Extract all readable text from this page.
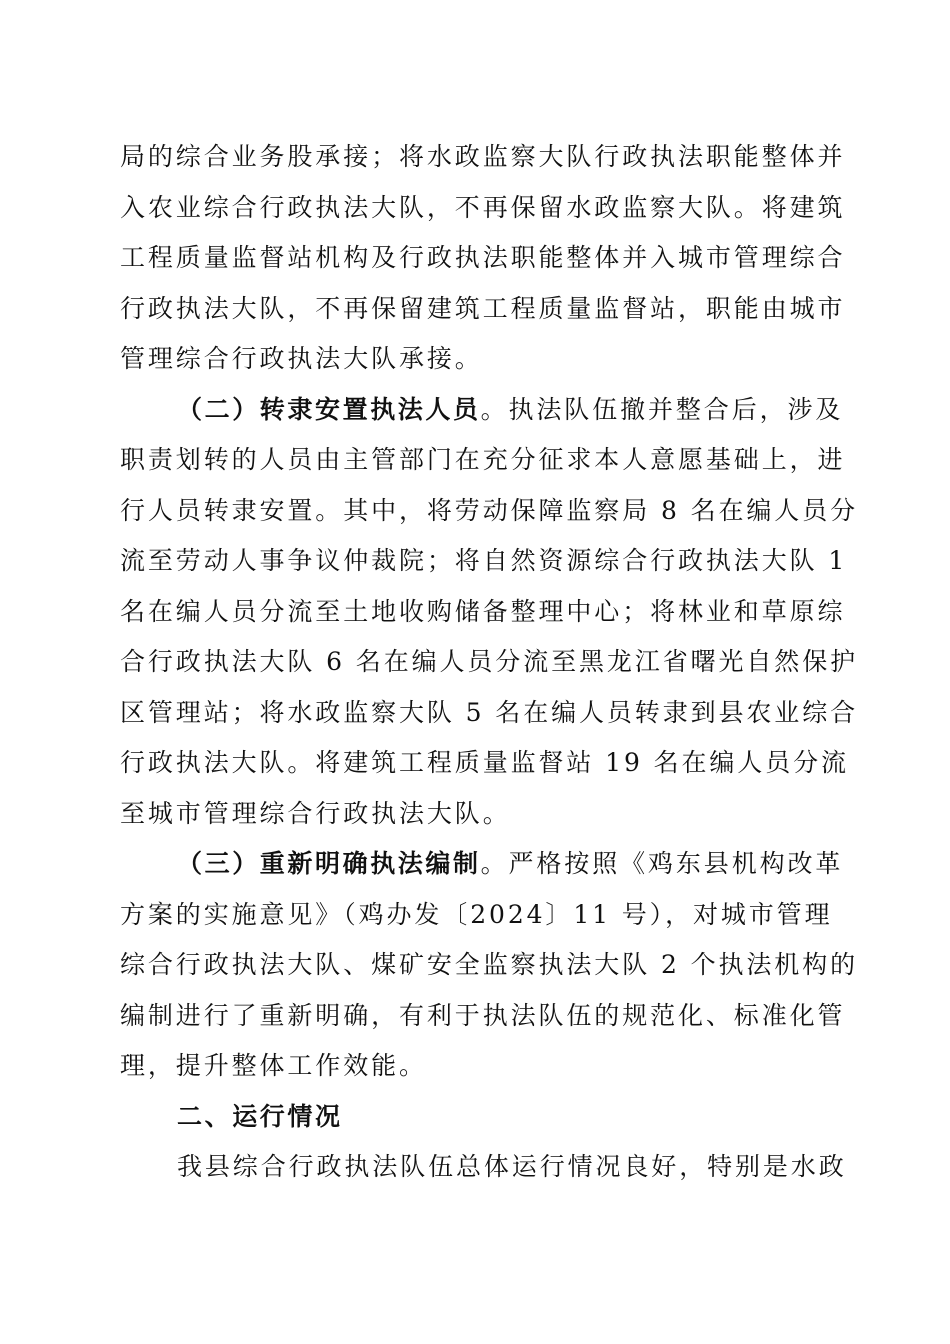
局的综合业务股承接；将水政监察大队行政执法职能整体并
入农业综合行政执法大队，不再保留水政监察大队。将建筑
工程质量监督站机构及行政执法职能整体并入城市管理综合
行政执法大队，不再保留建筑工程质量监督站，职能由城市
管理综合行政执法大队承接。
（二）转隶安置执法人员。执法队伍撤并整合后，涉及
职责划转的人员由主管部门在充分征求本人意愿基础上，进
行人员转隶安置。其中，将劳动保障监察局 8 名在编人员分
流至劳动人事争议仲裁院；将自然资源综合行政执法大队 1
名在编人员分流至土地收购储备整理中心；将林业和草原综
合行政执法大队 6 名在编人员分流至黑龙江省曙光自然保护
区管理站；将水政监察大队 5 名在编人员转隶到县农业综合
行政执法大队。将建筑工程质量监督站 19 名在编人员分流
至城市管理综合行政执法大队。
（三）重新明确执法编制。严格按照《鸡东县机构改革
方案的实施意见》（鸡办发〔2024〕11 号），对城市管理
综合行政执法大队、煤矿安全监察执法大队 2 个执法机构的
编制进行了重新明确，有利于执法队伍的规范化、标准化管
理，提升整体工作效能。
二、运行情况
我县综合行政执法队伍总体运行情况良好，特别是水政
